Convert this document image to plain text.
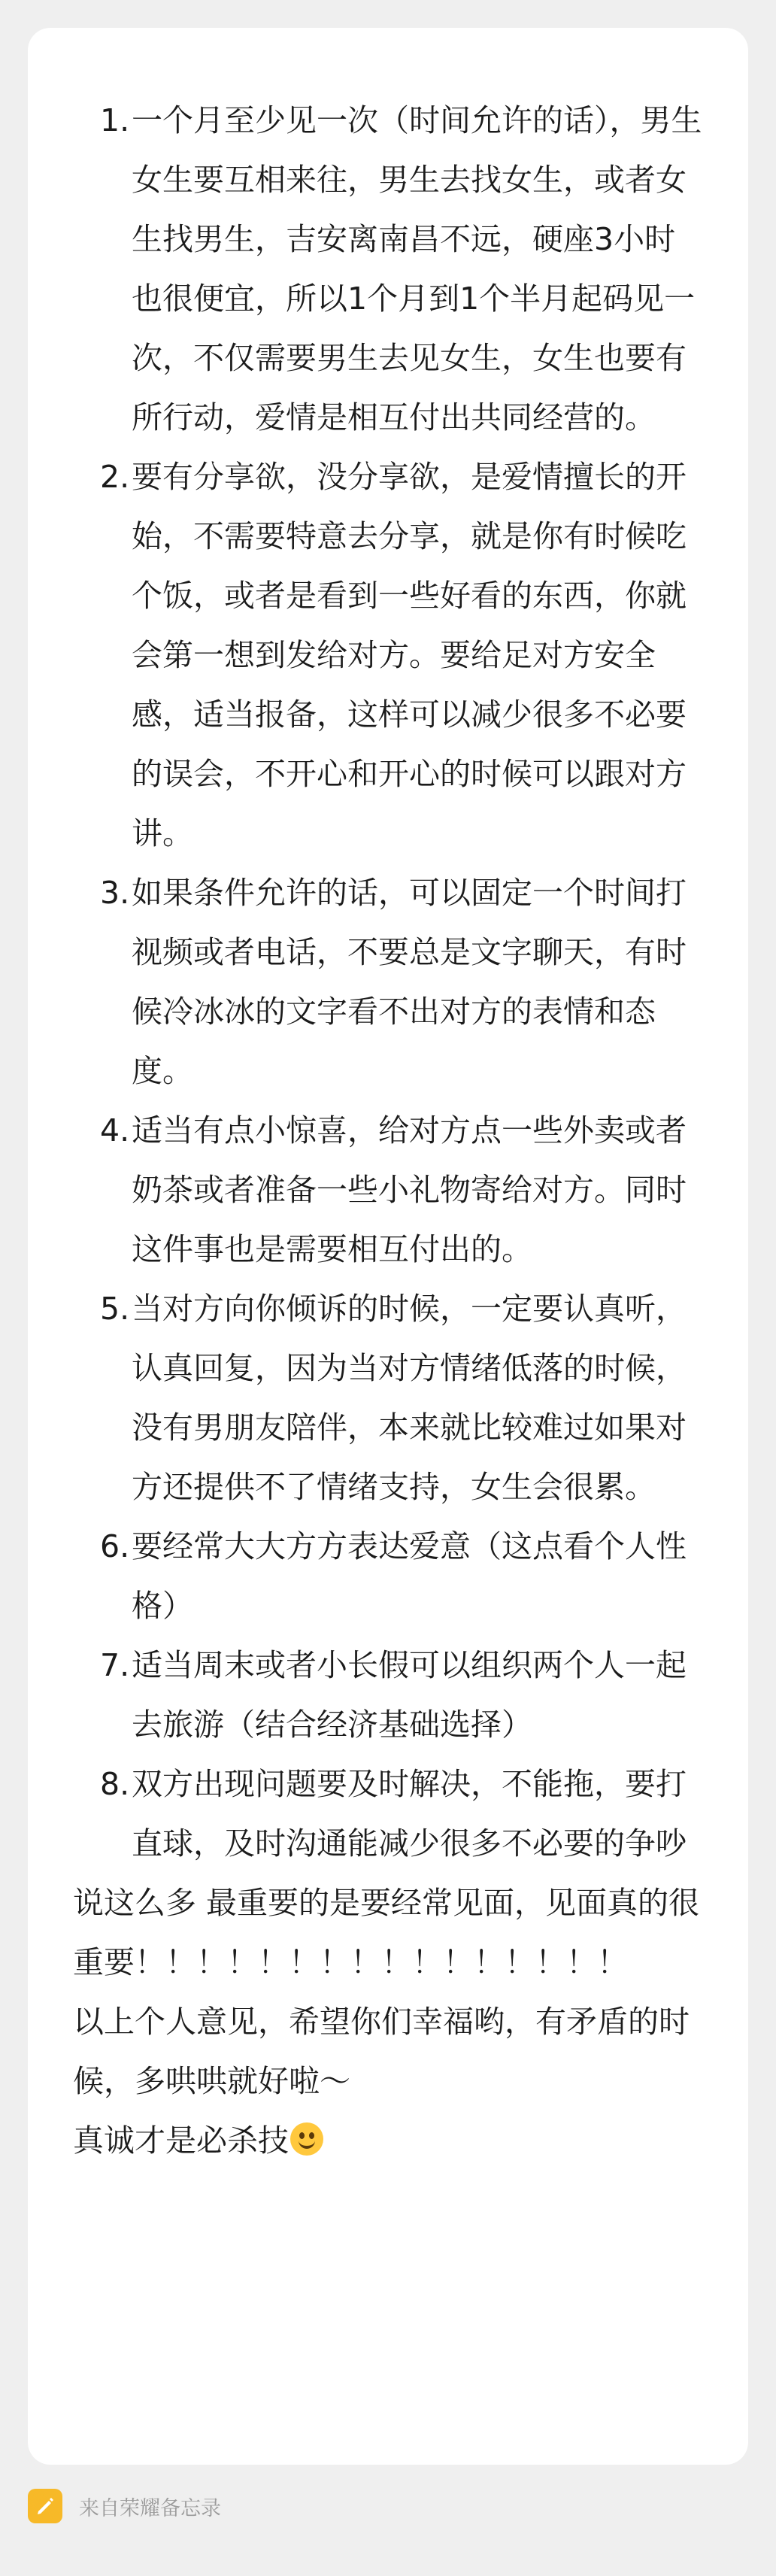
1. 一个月至少见一次（时间允许的话），男生女生要互相来往，男生去找女生，或者女生找男生，吉安离南昌不远，硬座3小时也很便宜，所以1个月到1个半月起码见一次，不仅需要男生去见女生，女生也要有所行动，爱情是相互付出共同经营的。
2. 要有分享欲，没分享欲，是爱情擅长的开始，不需要特意去分享，就是你有时候吃个饭，或者是看到一些好看的东西，你就会第一想到发给对方。要给足对方安全感，适当报备，这样可以减少很多不必要的误会，不开心和开心的时候可以跟对方讲。
3. 如果条件允许的话，可以固定一个时间打视频或者电话，不要总是文字聊天，有时候冷冰冰的文字看不出对方的表情和态度。
4. 适当有点小惊喜，给对方点一些外卖或者奶茶或者准备一些小礼物寄给对方。同时这件事也是需要相互付出的。
5. 当对方向你倾诉的时候，一定要认真听，认真回复，因为当对方情绪低落的时候，没有男朋友陪伴，本来就比较难过如果对方还提供不了情绪支持，女生会很累。
6. 要经常大大方方表达爱意（这点看个人性格）
7. 适当周末或者小长假可以组织两个人一起去旅游（结合经济基础选择）
8. 双方出现问题要及时解决，不能拖，要打直球，及时沟通能减少很多不必要的争吵

说这么多 最重要的是要经常见面，见面真的很重要！！！！！！！！！！！！！！！！

以上个人意见，希望你们幸福哟，有矛盾的时候，多哄哄就好啦～

真诚才是必杀技

来自荣耀备忘录
